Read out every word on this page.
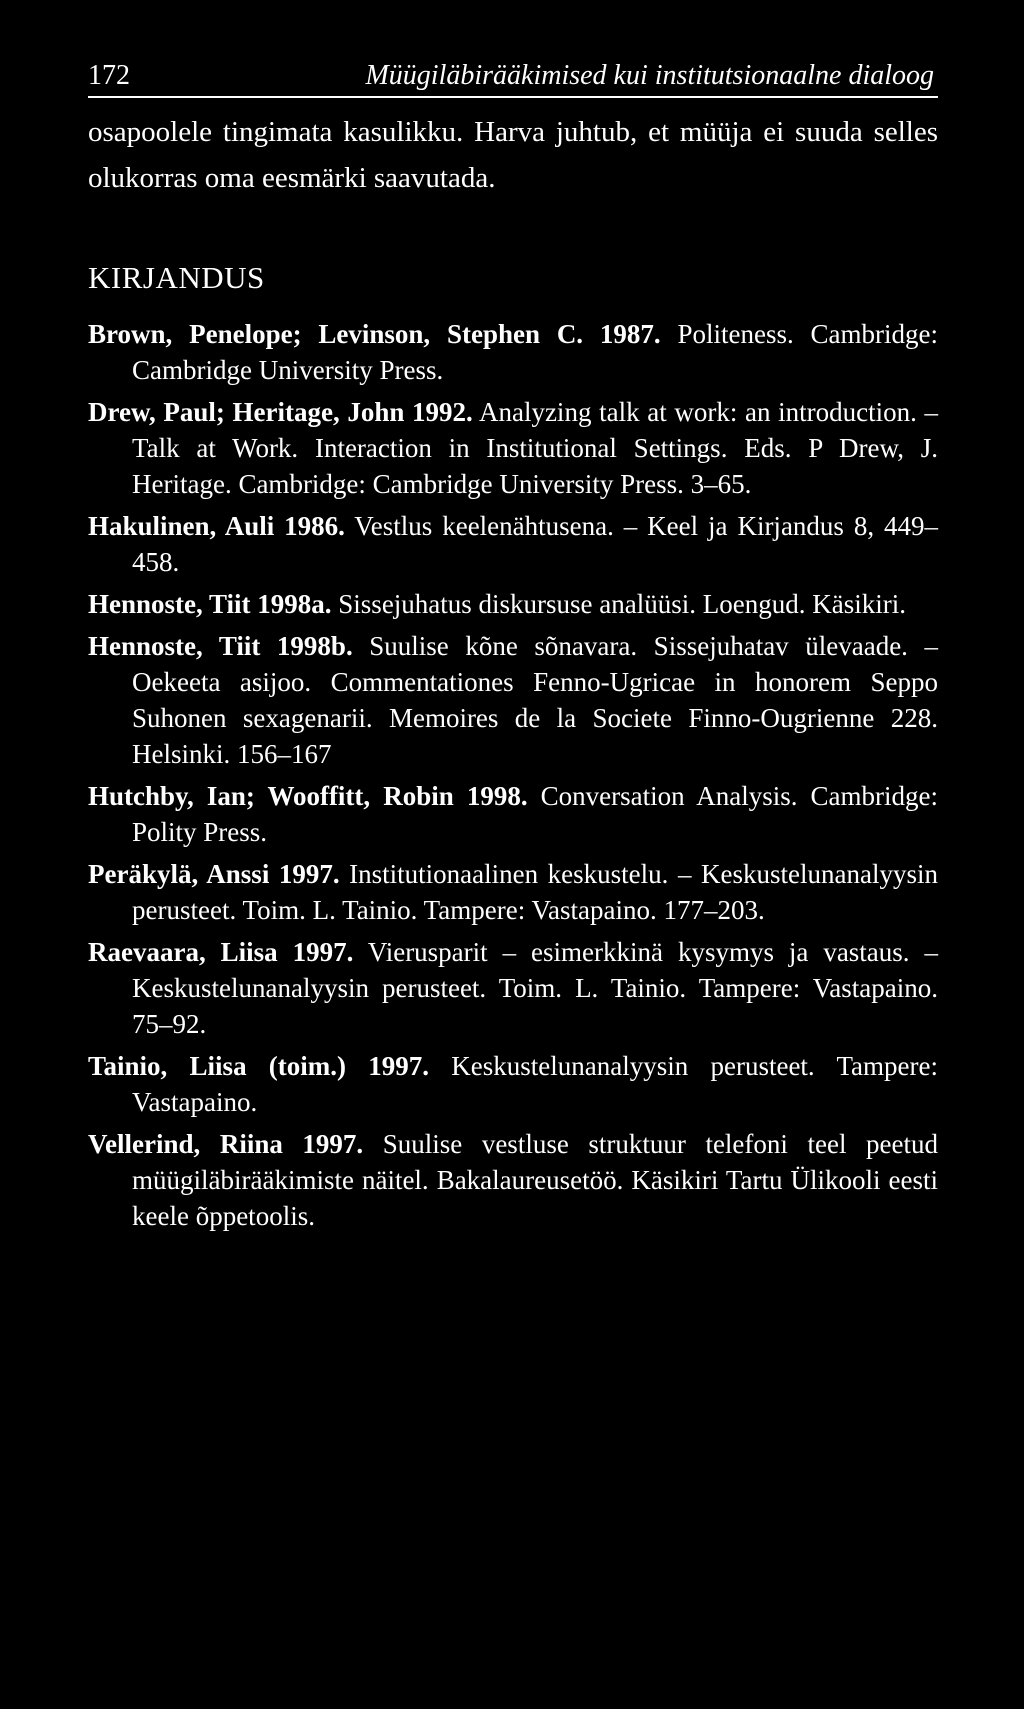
172	Müügiläbirääkimised kui institutsionaalne dialoog

osapoolele tingimata kasulikku. Harva juhtub, et müüja ei suuda selles olukorras oma eesmärki saavutada.

KIRJANDUS
Brown, Penelope; Levinson, Stephen C. 1987. Politeness. Cambridge: Cambridge University Press.
Drew, Paul; Heritage, John 1992. Analyzing talk at work: an introduction. – Talk at Work. Interaction in Institutional Settings. Eds. P Drew, J. Heritage. Cambridge: Cambridge University Press. 3–65.
Hakulinen, Auli 1986. Vestlus keelenähtusena. – Keel ja Kirjandus 8, 449–458.
Hennoste, Tiit 1998a. Sissejuhatus diskursuse analüüsi. Loengud. Käsikiri.
Hennoste, Tiit 1998b. Suulise kõne sõnavara. Sissejuhatav ülevaade. – Oekeeta asijoo. Commentationes Fenno-Ugricae in honorem Seppo Suhonen sexagenarii. Memoires de la Societe Finno-Ougrienne 228. Helsinki. 156–167
Hutchby, Ian; Wooffitt, Robin 1998. Conversation Analysis. Cambridge: Polity Press.
Peräkylä, Anssi 1997. Institutionaalinen keskustelu. – Keskustelunanalyysin perusteet. Toim. L. Tainio. Tampere: Vastapaino. 177–203.
Raevaara, Liisa 1997. Vierusparit – esimerkkinä kysymys ja vastaus. – Keskustelunanalyysin perusteet. Toim. L. Tainio. Tampere: Vastapaino. 75–92.
Tainio, Liisa (toim.) 1997. Keskustelunanalyysin perusteet. Tampere: Vastapaino.
Vellerind, Riina 1997. Suulise vestluse struktuur telefoni teel peetud müügiläbirääkimiste näitel. Bakalaureusetöö. Käsikiri Tartu Ülikooli eesti keele õppetoolis.
